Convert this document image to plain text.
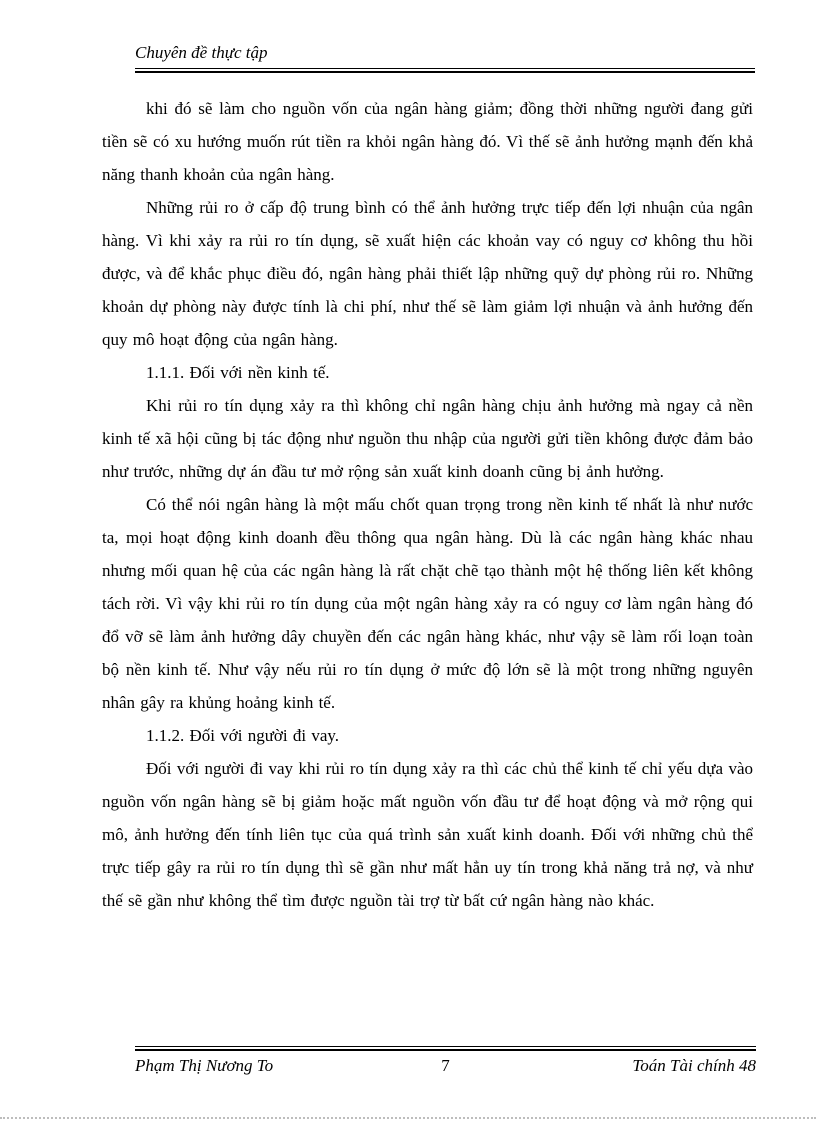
Chuyên đề thực tập

khi đó sẽ làm cho nguồn vốn của ngân hàng giảm; đồng thời những người đang gửi tiền sẽ có xu hướng muốn rút tiền ra khỏi ngân hàng đó. Vì thế sẽ ảnh hưởng mạnh đến khả năng thanh khoản của ngân hàng.

Những rủi ro ở cấp độ trung bình có thể ảnh hưởng trực tiếp đến lợi nhuận của ngân hàng. Vì khi xảy ra rủi ro tín dụng, sẽ xuất hiện các khoản vay có nguy cơ không thu hồi được, và để khắc phục điều đó, ngân hàng phải thiết lập những quỹ dự phòng rủi ro. Những khoản dự phòng này được tính là chi phí, như thế sẽ làm giảm lợi nhuận và ảnh hưởng đến quy mô hoạt động của ngân hàng.

1.1.1. Đối với nền kinh tế.

Khi rủi ro tín dụng xảy ra thì không chỉ ngân hàng chịu ảnh hưởng mà ngay cả nền kinh tế xã hội cũng bị tác động như nguồn thu nhập của người gửi tiền không được đảm bảo như trước, những dự án đầu tư mở rộng sản xuất kinh doanh cũng bị ảnh hưởng.

Có thể nói ngân hàng là một mấu chốt quan trọng trong nền kinh tế nhất là như nước ta, mọi hoạt động kinh doanh đều thông qua ngân hàng. Dù là các ngân hàng khác nhau nhưng mối quan hệ của các ngân hàng là rất chặt chẽ tạo thành một hệ thống liên kết không tách rời. Vì vậy khi rủi ro tín dụng của một ngân hàng xảy ra có nguy cơ làm ngân hàng đó đổ vỡ sẽ làm ảnh hưởng dây chuyền đến các ngân hàng khác, như vậy sẽ làm rối loạn toàn bộ nền kinh tế. Như vậy nếu rủi ro tín dụng ở mức độ lớn sẽ là một trong những nguyên nhân gây ra khủng hoảng kinh tế.

1.1.2. Đối với người đi vay.

Đối với người đi vay khi rủi ro tín dụng xảy ra thì các chủ thể kinh tế chỉ yếu dựa vào nguồn vốn ngân hàng sẽ bị giảm hoặc mất nguồn vốn đầu tư để hoạt động và mở rộng qui mô, ảnh hưởng đến tính liên tục của quá trình sản xuất kinh doanh. Đối với những chủ thể trực tiếp gây ra rủi ro tín dụng thì sẽ gần như mất hẳn uy tín trong khả năng trả nợ, và như thế sẽ gần như không thể tìm được nguồn tài trợ từ bất cứ ngân hàng nào khác.

Phạm Thị Nương To	7	Toán Tài chính 48
